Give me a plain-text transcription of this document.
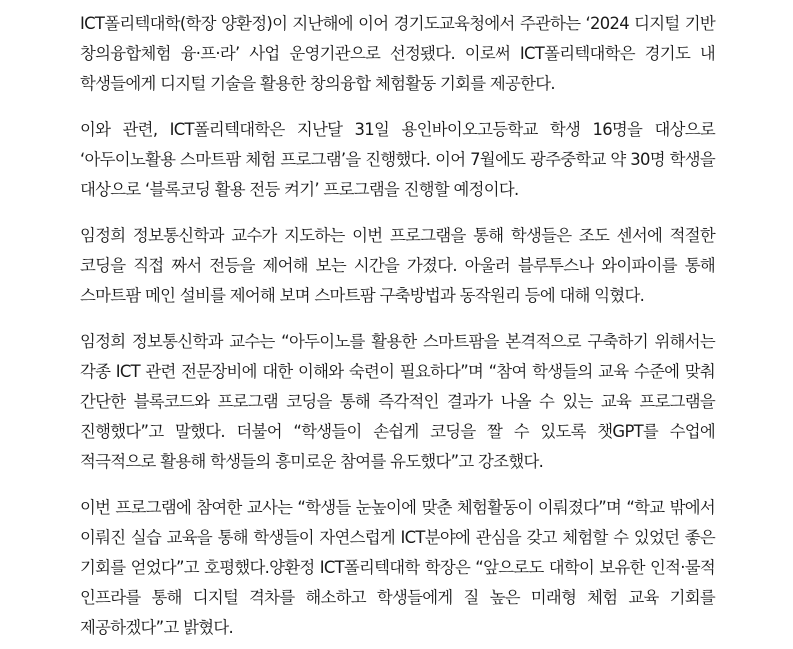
ICT폴리텍대학(학장 양환정)이 지난해에 이어 경기도교육청에서 주관하는 ‘2024 디지털 기반 창의융합체험 융·프·라’ 사업 운영기관으로 선정됐다. 이로써 ICT폴리텍대학은 경기도 내 학생들에게 디지털 기술을 활용한 창의융합 체험활동 기회를 제공한다.

이와 관련, ICT폴리텍대학은 지난달 31일 용인바이오고등학교 학생 16명을 대상으로 ‘아두이노활용 스마트팜 체험 프로그램’을 진행했다. 이어 7월에도 광주중학교 약 30명 학생을 대상으로 ‘블록코딩 활용 전등 켜기’ 프로그램을 진행할 예정이다.

임정희 정보통신학과 교수가 지도하는 이번 프로그램을 통해 학생들은 조도 센서에 적절한 코딩을 직접 짜서 전등을 제어해 보는 시간을 가졌다. 아울러 블루투스나 와이파이를 통해 스마트팜 메인 설비를 제어해 보며 스마트팜 구축방법과 동작원리 등에 대해 익혔다.

임정희 정보통신학과 교수는 “아두이노를 활용한 스마트팜을 본격적으로 구축하기 위해서는 각종 ICT 관련 전문장비에 대한 이해와 숙련이 필요하다”며 “참여 학생들의 교육 수준에 맞춰 간단한 블록코드와 프로그램 코딩을 통해 즉각적인 결과가 나올 수 있는 교육 프로그램을 진행했다”고 말했다. 더불어 “학생들이 손쉽게 코딩을 짤 수 있도록 챗GPT를 수업에 적극적으로 활용해 학생들의 흥미로운 참여를 유도했다”고 강조했다.

이번 프로그램에 참여한 교사는 “학생들 눈높이에 맞춘 체험활동이 이뤄졌다”며 “학교 밖에서 이뤄진 실습 교육을 통해 학생들이 자연스럽게 ICT분야에 관심을 갖고 체험할 수 있었던 좋은 기회를 얻었다”고 호평했다.양환정 ICT폴리텍대학 학장은 “앞으로도 대학이 보유한 인적·물적 인프라를 통해 디지털 격차를 해소하고 학생들에게 질 높은 미래형 체험 교육 기회를 제공하겠다”고 밝혔다.
